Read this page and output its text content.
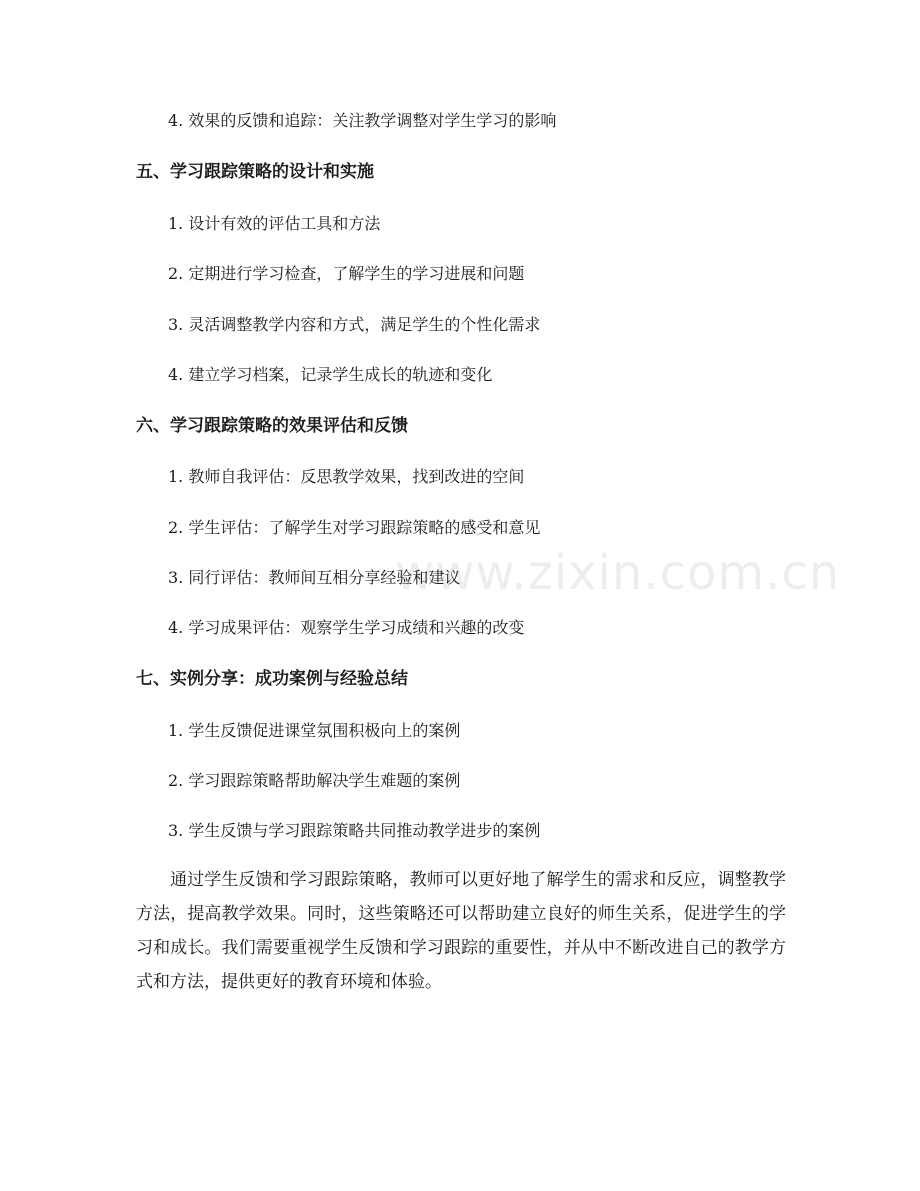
4. 效果的反馈和追踪：关注教学调整对学生学习的影响
五、学习跟踪策略的设计和实施
1. 设计有效的评估工具和方法
2. 定期进行学习检查，了解学生的学习进展和问题
3. 灵活调整教学内容和方式，满足学生的个性化需求
4. 建立学习档案，记录学生成长的轨迹和变化
六、学习跟踪策略的效果评估和反馈
1. 教师自我评估：反思教学效果，找到改进的空间
2. 学生评估：了解学生对学习跟踪策略的感受和意见
3. 同行评估：教师间互相分享经验和建议
4. 学习成果评估：观察学生学习成绩和兴趣的改变
七、实例分享：成功案例与经验总结
1. 学生反馈促进课堂氛围积极向上的案例
2. 学习跟踪策略帮助解决学生难题的案例
3. 学生反馈与学习跟踪策略共同推动教学进步的案例
通过学生反馈和学习跟踪策略，教师可以更好地了解学生的需求和反应，调整教学方法，提高教学效果。同时，这些策略还可以帮助建立良好的师生关系，促进学生的学习和成长。我们需要重视学生反馈和学习跟踪的重要性，并从中不断改进自己的教学方式和方法，提供更好的教育环境和体验。
www.zixin.com.cn
